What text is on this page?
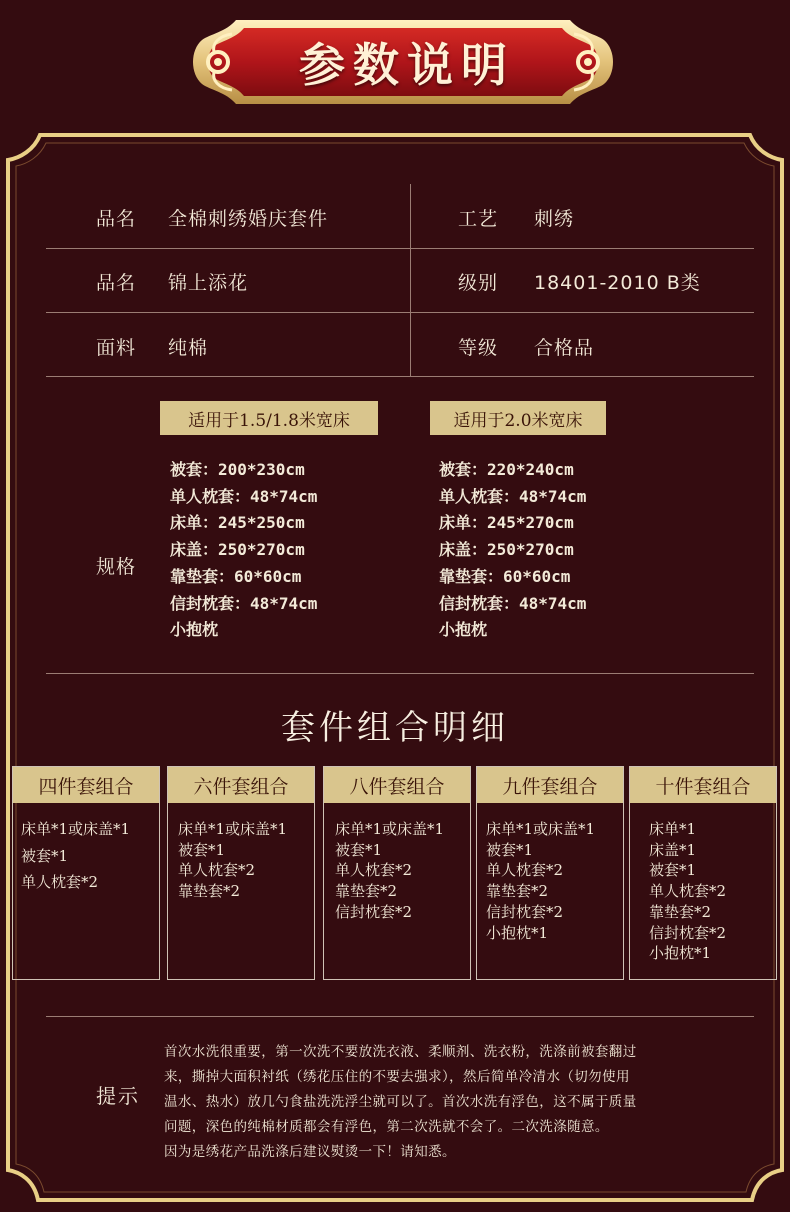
参数说明
品名 全棉刺绣婚庆套件	工艺 刺绣
品名 锦上添花	级别 18401-2010 B类
面料 纯棉	等级 合格品
适用于1.5/1.8米宽床	适用于2.0米宽床
规格
被套：200*230cm
单人枕套：48*74cm
床单：245*250cm
床盖：250*270cm
靠垫套：60*60cm
信封枕套：48*74cm
小抱枕
被套：220*240cm
单人枕套：48*74cm
床单：245*270cm
床盖：250*270cm
靠垫套：60*60cm
信封枕套：48*74cm
小抱枕
套件组合明细
四件套组合
床单*1或床盖*1
被套*1
单人枕套*2
六件套组合
床单*1或床盖*1
被套*1
单人枕套*2
靠垫套*2
八件套组合
床单*1或床盖*1
被套*1
单人枕套*2
靠垫套*2
信封枕套*2
九件套组合
床单*1或床盖*1
被套*1
单人枕套*2
靠垫套*2
信封枕套*2
小抱枕*1
十件套组合
床单*1
床盖*1
被套*1
单人枕套*2
靠垫套*2
信封枕套*2
小抱枕*1
提示

首次水洗很重要，第一次洗不要放洗衣液、柔顺剂、洗衣粉，洗涤前被套翻过

来，撕掉大面积衬纸（绣花压住的不要去强求），然后简单冷清水（切勿使用

温水、热水）放几勺食盐洗洗浮尘就可以了。首次水洗有浮色，这不属于质量

问题，深色的纯棉材质都会有浮色，第二次洗就不会了。二次洗涤随意。

因为是绣花产品洗涤后建议熨烫一下！请知悉。
